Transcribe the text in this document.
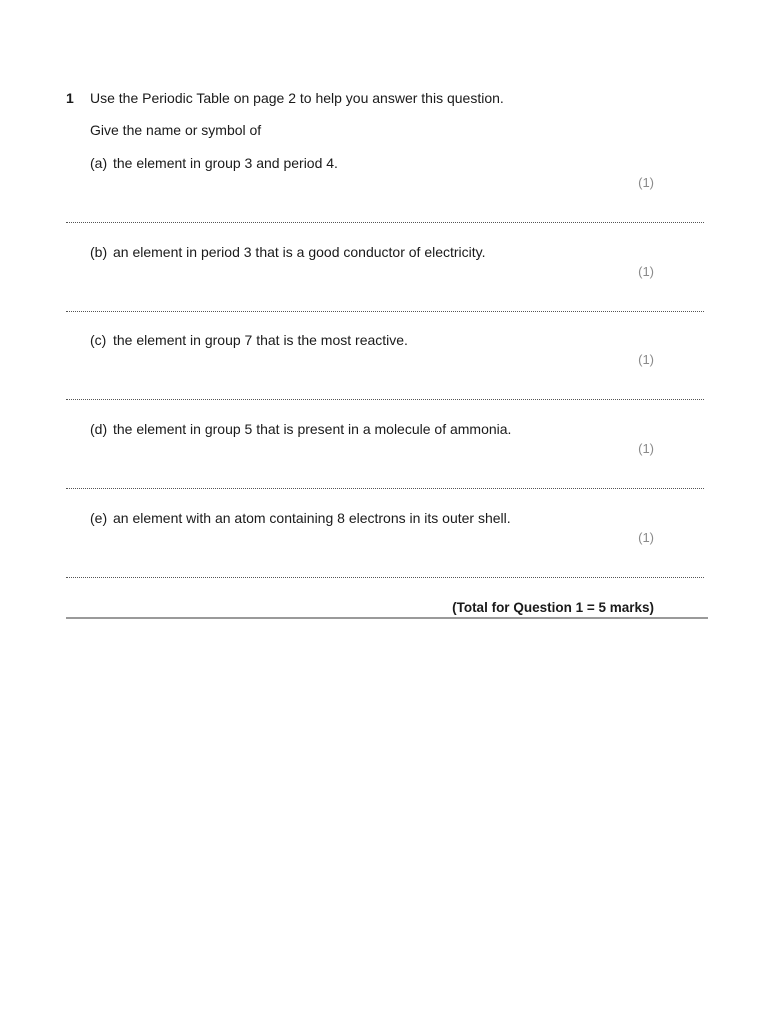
1 Use the Periodic Table on page 2 to help you answer this question.
Give the name or symbol of
(a) the element in group 3 and period 4.
(1)
(b) an element in period 3 that is a good conductor of electricity.
(1)
(c) the element in group 7 that is the most reactive.
(1)
(d) the element in group 5 that is present in a molecule of ammonia.
(1)
(e) an element with an atom containing 8 electrons in its outer shell.
(1)
(Total for Question 1 = 5 marks)
